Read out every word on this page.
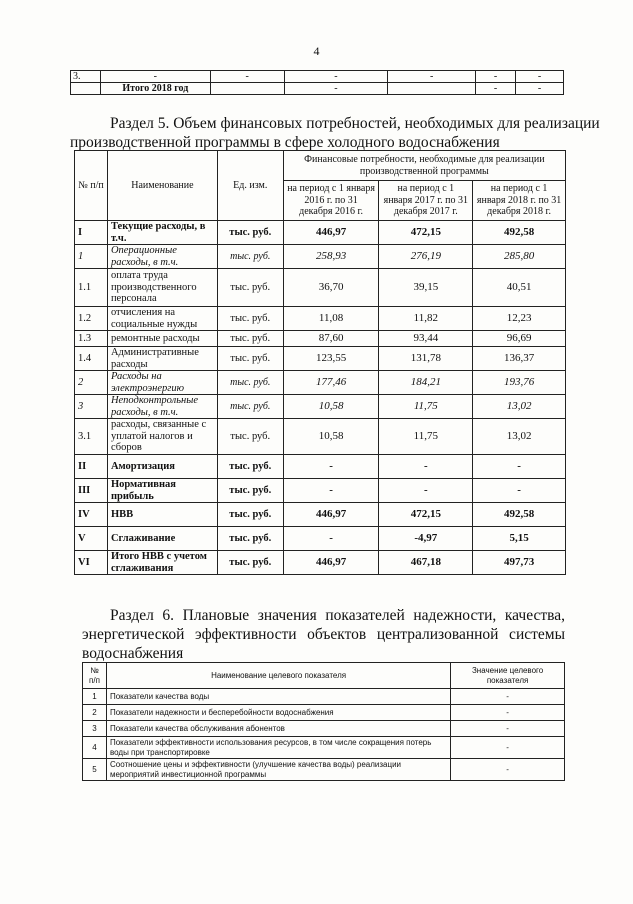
4
3.	-	-	-	-	-	-
	Итого 2018 год		-		-	-
Раздел 5. Объем финансовых потребностей, необходимых для реализации
производственной программы в сфере холодного водоснабжения
№ п/п	Наименование	Ед. изм.	Финансовые потребности, необходимые для реализации производственной программы		
			на период с 1 января 2016 г. по 31 декабря 2016 г.	на период с 1 января 2017 г. по 31 декабря 2017 г.	на период с 1 января 2018 г. по 31 декабря 2018 г.
I	Текущие расходы, в т.ч.	тыс. руб.	446,97	472,15	492,58
1	Операционные расходы, в т.ч.	тыс. руб.	258,93	276,19	285,80
1.1	оплата труда производственного персонала	тыс. руб.	36,70	39,15	40,51
1.2	отчисления на социальные нужды	тыс. руб.	11,08	11,82	12,23
1.3	ремонтные расходы	тыс. руб.	87,60	93,44	96,69
1.4	Административные расходы	тыс. руб.	123,55	131,78	136,37
2	Расходы на электроэнергию	тыс. руб.	177,46	184,21	193,76
3	Неподконтрольные расходы, в т.ч.	тыс. руб.	10,58	11,75	13,02
3.1	расходы, связанные с уплатой налогов и сборов	тыс. руб.	10,58	11,75	13,02
II	Амортизация	тыс. руб.	-	-	-
III	Нормативная прибыль	тыс. руб.	-	-	-
IV	НВВ	тыс. руб.	446,97	472,15	492,58
V	Сглаживание	тыс. руб.	-	-4,97	5,15
VI	Итого НВВ с учетом сглаживания	тыс. руб.	446,97	467,18	497,73
Раздел 6. Плановые значения показателей надежности, качества,
энергетической эффективности объектов централизованной системы
водоснабжения
№ п/п	Наименование целевого показателя	Значение целевого показателя
1	Показатели качества воды	-
2	Показатели надежности и бесперебойности водоснабжения	-
3	Показатели качества обслуживания абонентов	-
4	Показатели эффективности использования ресурсов, в том числе сокращения потерь воды при транспортировке	-
5	Соотношение цены и эффективности (улучшение качества воды) реализации мероприятий инвестиционной программы	-
